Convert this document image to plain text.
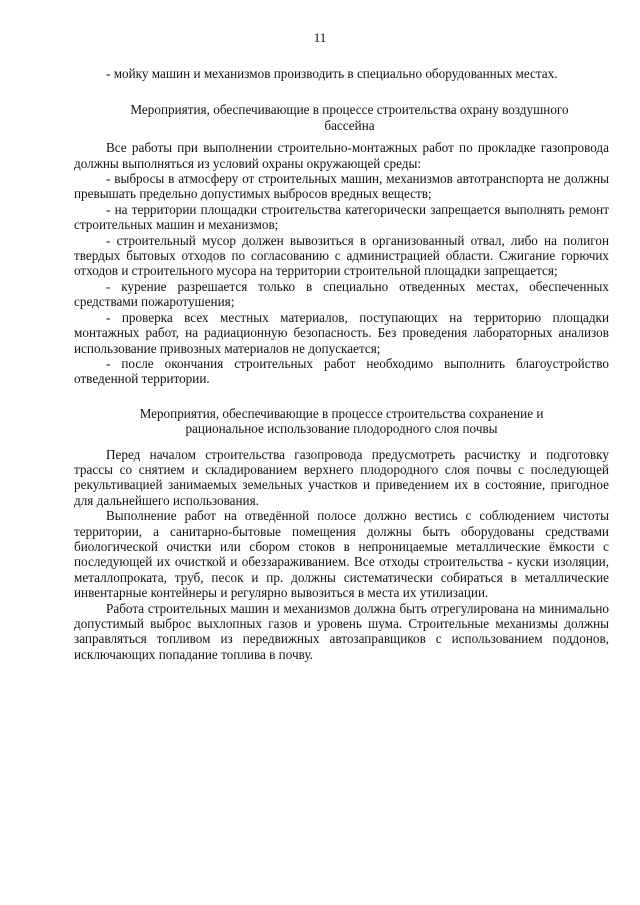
11

- мойку машин и механизмов производить в специально оборудованных местах.

Мероприятия, обеспечивающие в процессе строительства охрану воздушного бассейна

Все работы при выполнении строительно-монтажных работ по прокладке газопровода должны выполняться из условий охраны окружающей среды:

- выбросы в атмосферу от строительных машин, механизмов автотранспорта не должны превышать предельно допустимых выбросов вредных веществ;

- на территории площадки строительства категорически запрещается выполнять ремонт строительных машин и механизмов;

- строительный мусор должен вывозиться в организованный отвал, либо на полигон твердых бытовых отходов по согласованию с администрацией области. Сжигание горючих отходов и строительного мусора на территории строительной площадки запрещается;

- курение разрешается только в специально отведенных местах, обеспеченных средствами пожаротушения;

- проверка всех местных материалов, поступающих на территорию площадки монтажных работ, на радиационную безопасность. Без проведения лабораторных анализов использование привозных материалов не допускается;

- после окончания строительных работ необходимо выполнить благоустройство отведенной территории.

Мероприятия, обеспечивающие в процессе строительства сохранение и рациональное использование плодородного слоя почвы

Перед началом строительства газопровода предусмотреть расчистку и подготовку трассы со снятием и складированием верхнего плодородного слоя почвы с последующей рекультивацией занимаемых земельных участков и приведением их в состояние, пригодное для дальнейшего использования.

Выполнение работ на отведённой полосе должно вестись с соблюдением чистоты территории, а санитарно-бытовые помещения должны быть оборудованы средствами биологической очистки или сбором стоков в непроницаемые металлические ёмкости с последующей их очисткой и обеззараживанием. Все отходы строительства - куски изоляции, металлопроката, труб, песок и пр. должны систематически собираться в металлические инвентарные контейнеры и регулярно вывозиться в места их утилизации.

Работа строительных машин и механизмов должна быть отрегулирована на минимально допустимый выброс выхлопных газов и уровень шума. Строительные механизмы должны заправляться топливом из передвижных автозаправщиков с использованием поддонов, исключающих попадание топлива в почву.
